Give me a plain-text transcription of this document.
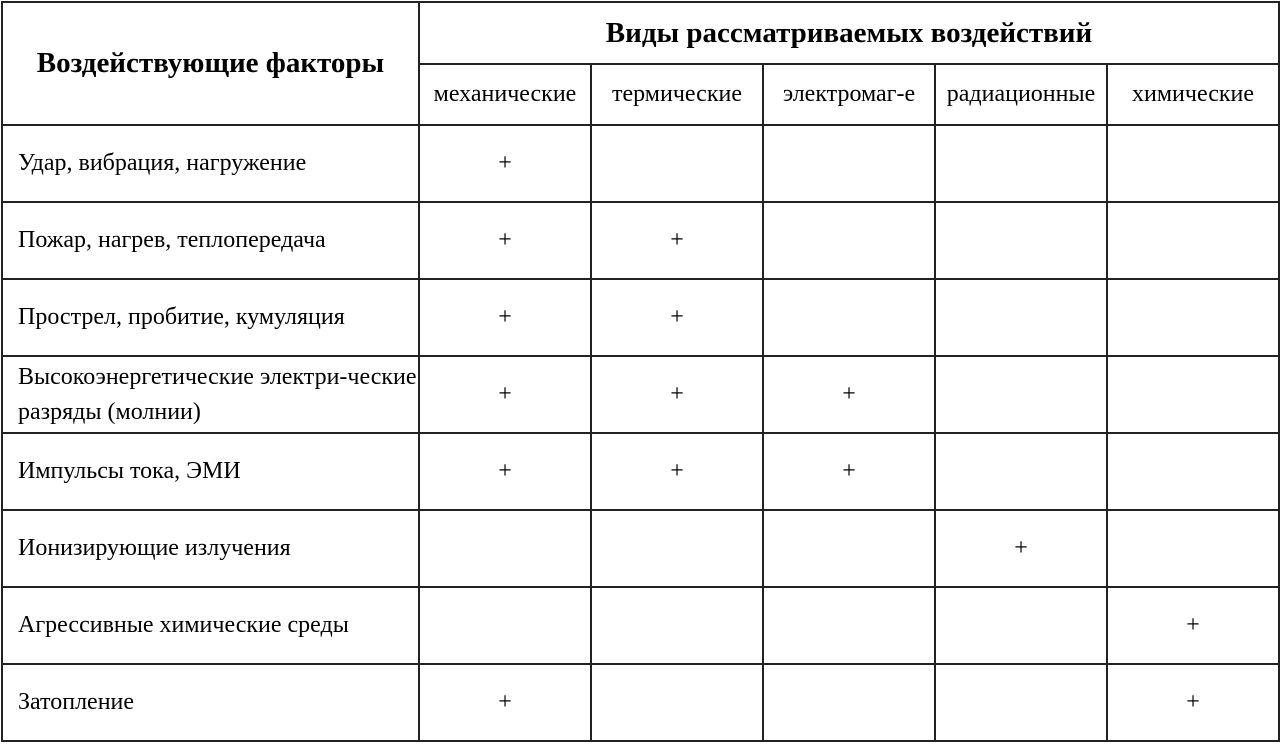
Воздействующие факторы	Виды рассматриваемых воздействий				
	механические	термические	электромаг-е	радиационные	химические
Удар, вибрация, нагружение	+				
Пожар, нагрев, теплопередача	+	+			
Прострел, пробитие, кумуляция	+	+			
Высокоэнергетические электри-ческие разряды (молнии)	+	+	+		
Импульсы тока, ЭМИ	+	+	+		
Ионизирующие излучения				+	
Агрессивные химические среды					+
Затопление	+				+
